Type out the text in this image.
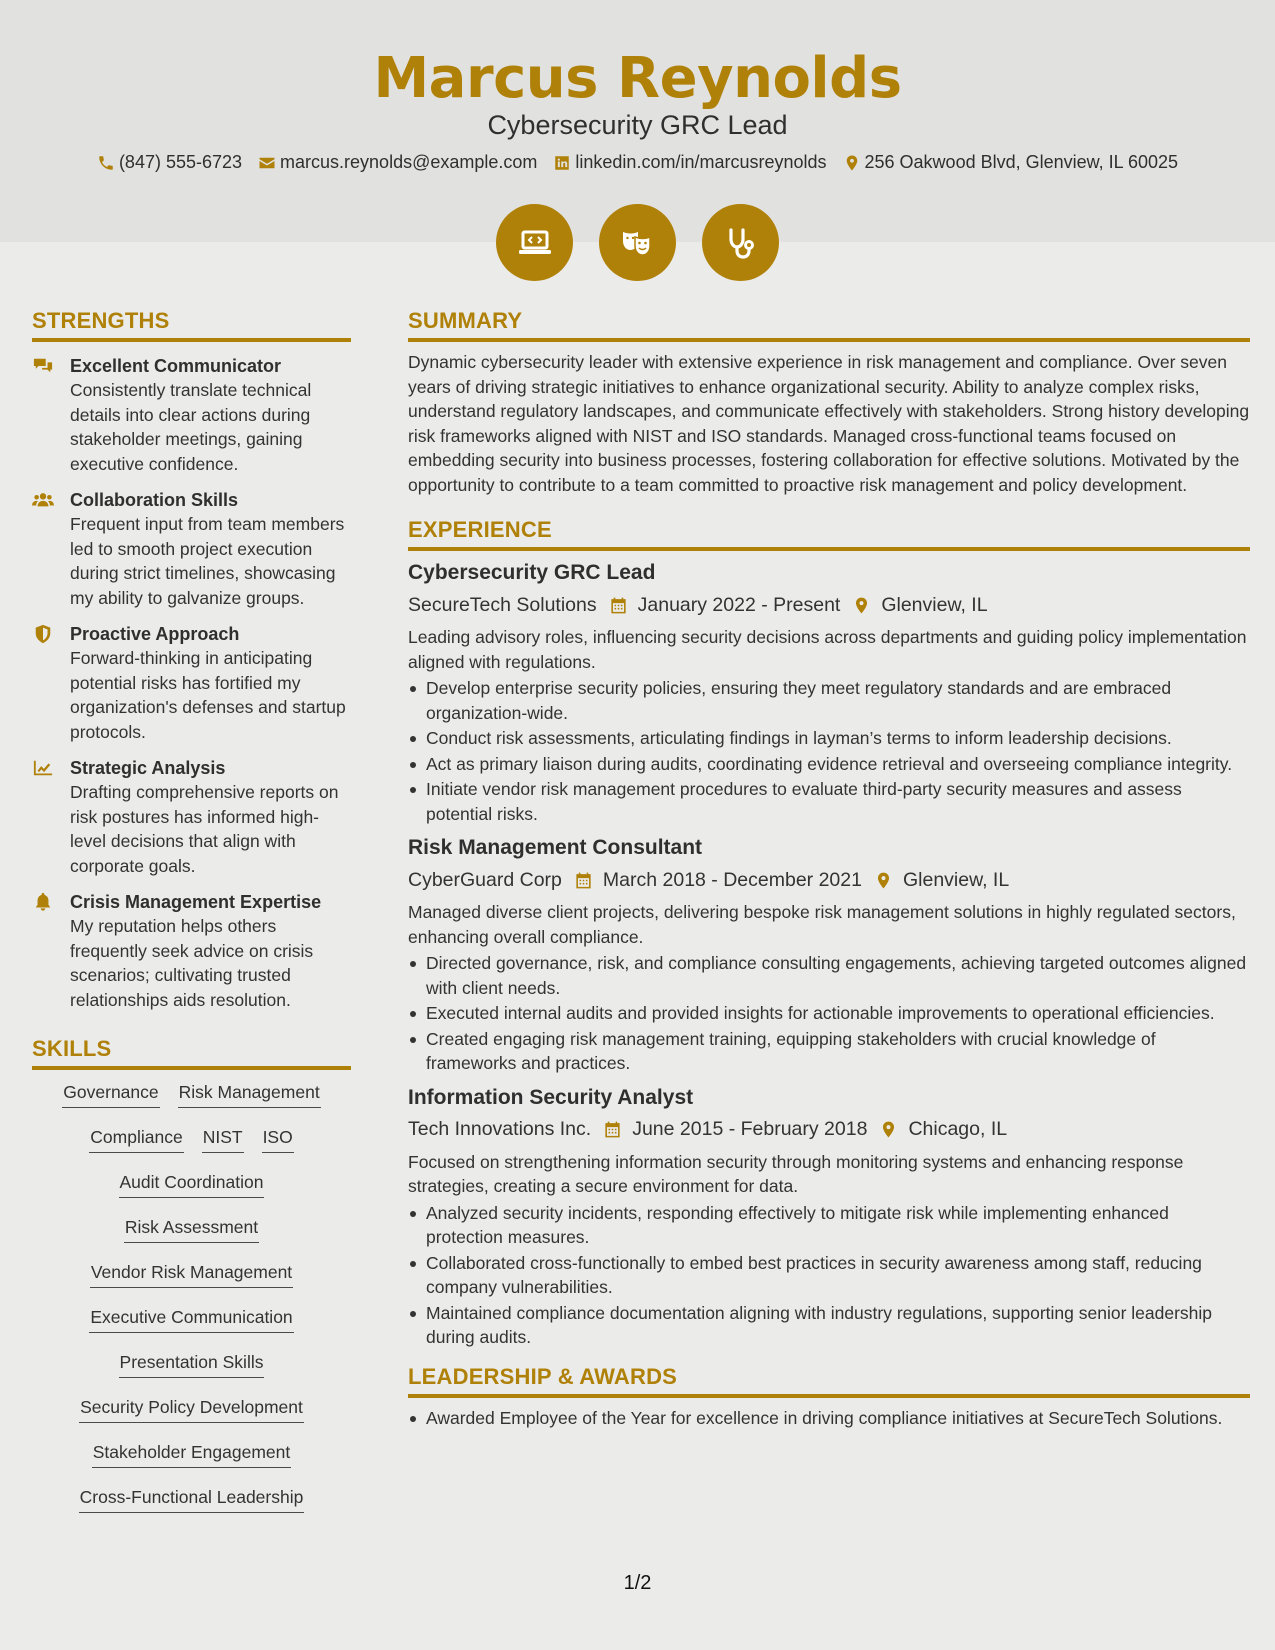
Marcus Reynolds
Cybersecurity GRC Lead
(847) 555-6723 marcus.reynolds@example.com linkedin.com/in/marcusreynolds 256 Oakwood Blvd, Glenview, IL 60025
STRENGTHS
Excellent Communicator
Consistently translate technical details into clear actions during stakeholder meetings, gaining executive confidence.
Collaboration Skills
Frequent input from team members led to smooth project execution during strict timelines, showcasing my ability to galvanize groups.
Proactive Approach
Forward-thinking in anticipating potential risks has fortified my organization's defenses and startup protocols.
Strategic Analysis
Drafting comprehensive reports on risk postures has informed high-level decisions that align with corporate goals.
Crisis Management Expertise
My reputation helps others frequently seek advice on crisis scenarios; cultivating trusted relationships aids resolution.
SKILLS
Governance Risk Management
Compliance NIST ISO
Audit Coordination
Risk Assessment
Vendor Risk Management
Executive Communication
Presentation Skills
Security Policy Development
Stakeholder Engagement
Cross-Functional Leadership
SUMMARY
Dynamic cybersecurity leader with extensive experience in risk management and compliance. Over seven years of driving strategic initiatives to enhance organizational security. Ability to analyze complex risks, understand regulatory landscapes, and communicate effectively with stakeholders. Strong history developing risk frameworks aligned with NIST and ISO standards. Managed cross-functional teams focused on embedding security into business processes, fostering collaboration for effective solutions. Motivated by the opportunity to contribute to a team committed to proactive risk management and policy development.
EXPERIENCE
Cybersecurity GRC Lead
SecureTech Solutions January 2022 - Present Glenview, IL
Leading advisory roles, influencing security decisions across departments and guiding policy implementation aligned with regulations.
Develop enterprise security policies, ensuring they meet regulatory standards and are embraced organization-wide.
Conduct risk assessments, articulating findings in layman’s terms to inform leadership decisions.
Act as primary liaison during audits, coordinating evidence retrieval and overseeing compliance integrity.
Initiate vendor risk management procedures to evaluate third-party security measures and assess potential risks.
Risk Management Consultant
CyberGuard Corp March 2018 - December 2021 Glenview, IL
Managed diverse client projects, delivering bespoke risk management solutions in highly regulated sectors, enhancing overall compliance.
Directed governance, risk, and compliance consulting engagements, achieving targeted outcomes aligned with client needs.
Executed internal audits and provided insights for actionable improvements to operational efficiencies.
Created engaging risk management training, equipping stakeholders with crucial knowledge of frameworks and practices.
Information Security Analyst
Tech Innovations Inc. June 2015 - February 2018 Chicago, IL
Focused on strengthening information security through monitoring systems and enhancing response strategies, creating a secure environment for data.
Analyzed security incidents, responding effectively to mitigate risk while implementing enhanced protection measures.
Collaborated cross-functionally to embed best practices in security awareness among staff, reducing company vulnerabilities.
Maintained compliance documentation aligning with industry regulations, supporting senior leadership during audits.
LEADERSHIP & AWARDS
Awarded Employee of the Year for excellence in driving compliance initiatives at SecureTech Solutions.
1/2
